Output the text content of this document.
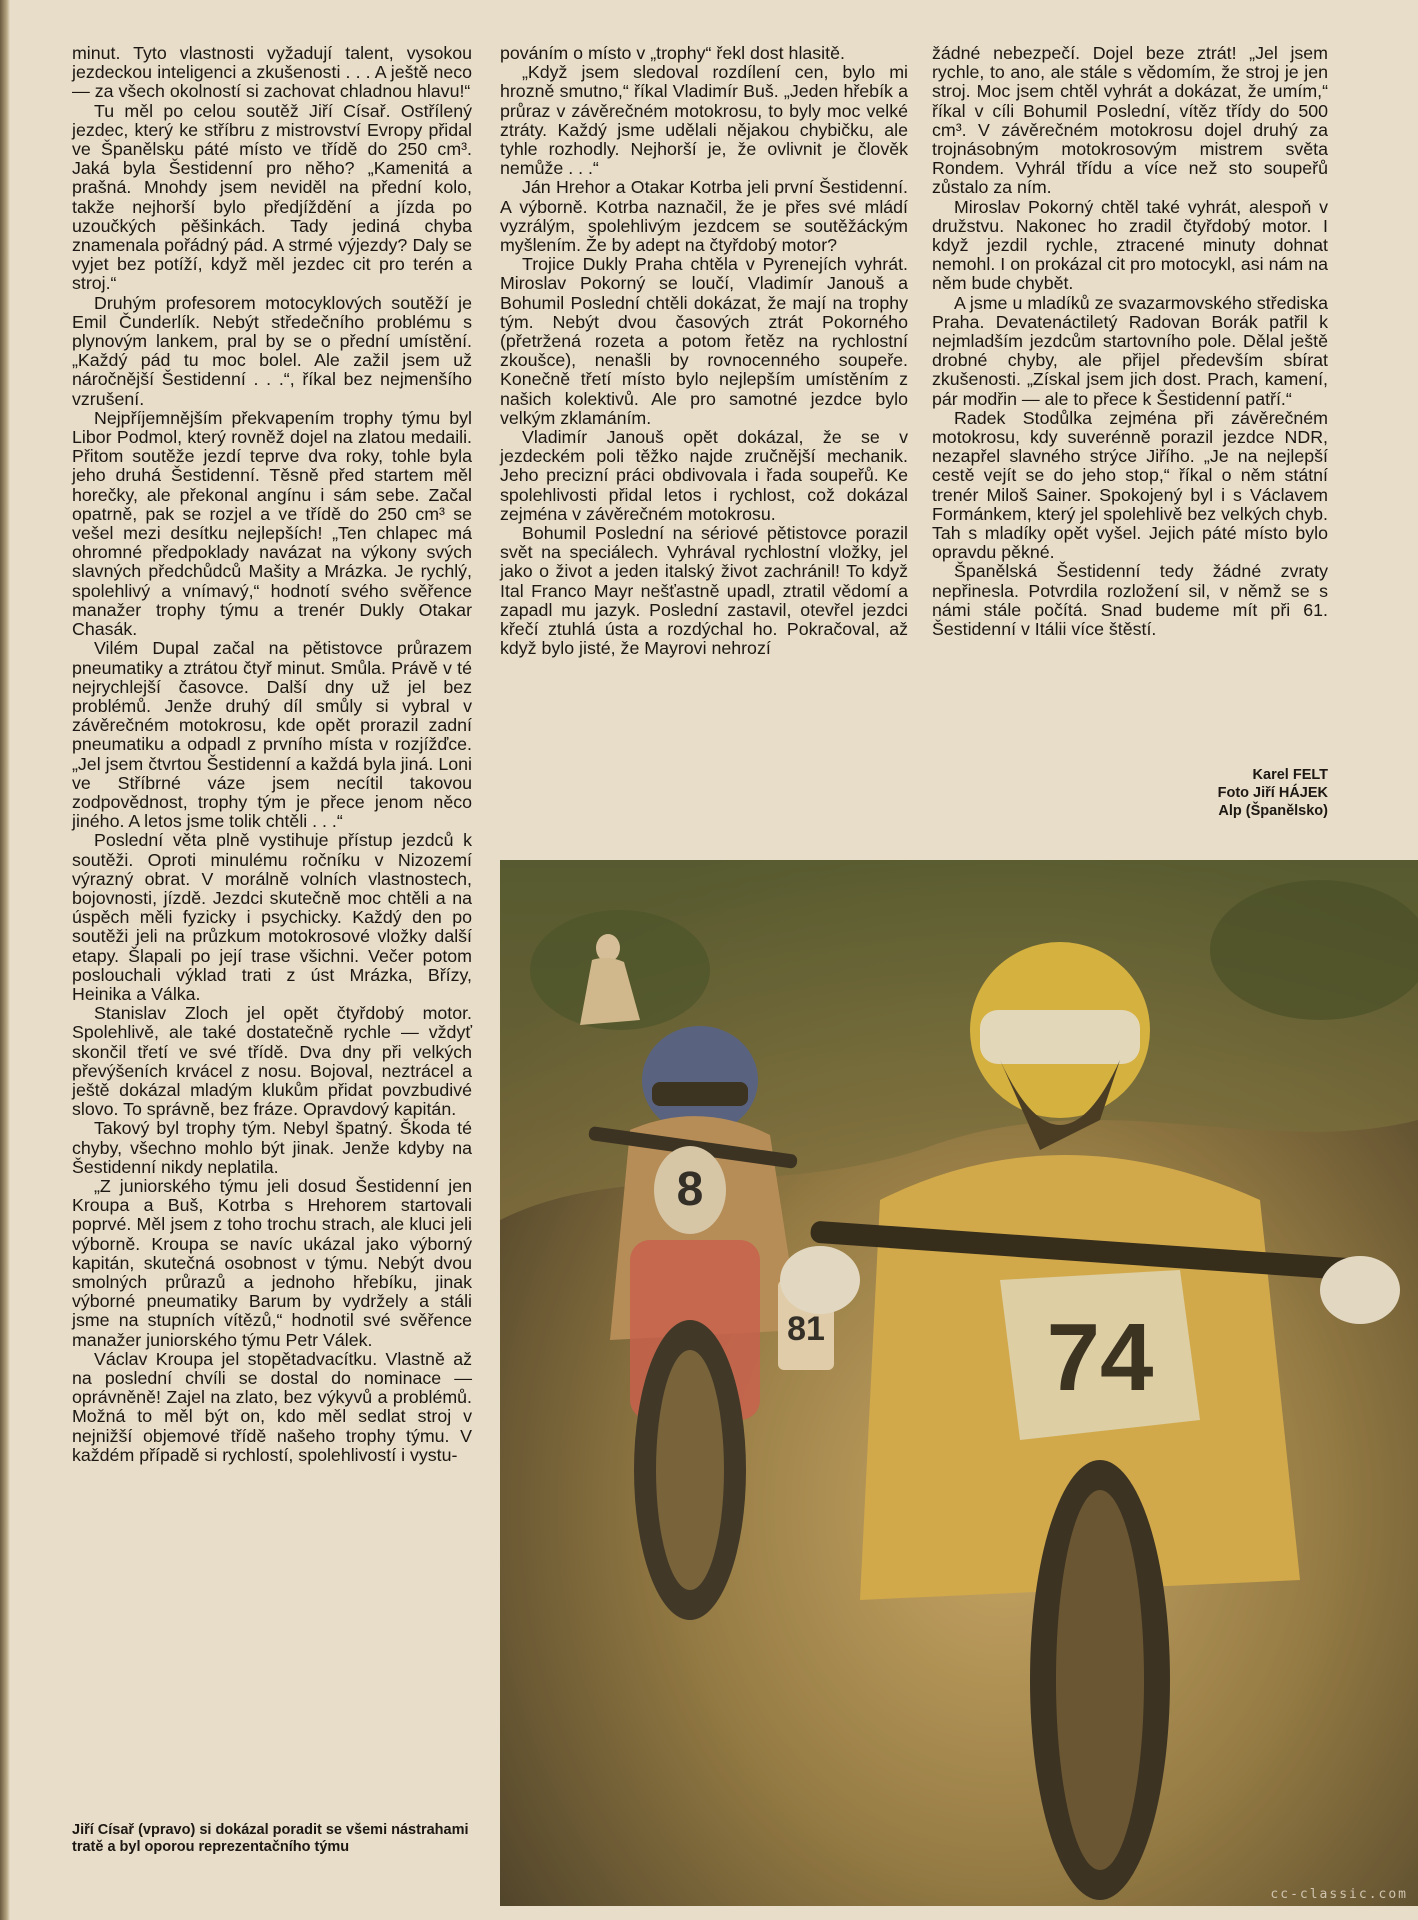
minut. Tyto vlastnosti vyžadují talent, vysokou jezdeckou inteligenci a zkušenosti . . . A ještě neco — za všech okolností si zachovat chladnou hlavu!“

Tu měl po celou soutěž Jiří Císař. Ostřílený jezdec, který ke stříbru z mistrovství Evropy přidal ve Španělsku páté místo ve třídě do 250 cm³. Jaká byla Šestidenní pro něho? „Kamenitá a prašná. Mnohdy jsem neviděl na přední kolo, takže nejhorší bylo předjíždění a jízda po uzoučkých pěšinkách. Tady jediná chyba znamenala pořádný pád. A strmé výjezdy? Daly se vyjet bez potíží, když měl jezdec cit pro terén a stroj.“

Druhým profesorem motocyklových soutěží je Emil Čunderlík. Nebýt středečního problému s plynovým lankem, pral by se o přední umístění. „Každý pád tu moc bolel. Ale zažil jsem už náročnější Šestidenní . . .“, říkal bez nejmenšího vzrušení.

Nejpříjemnějším překvapením trophy týmu byl Libor Podmol, který rovněž dojel na zlatou medaili. Přitom soutěže jezdí teprve dva roky, tohle byla jeho druhá Šestidenní. Těsně před startem měl horečky, ale překonal angínu i sám sebe. Začal opatrně, pak se rozjel a ve třídě do 250 cm³ se vešel mezi desítku nejlepších! „Ten chlapec má ohromné předpoklady navázat na výkony svých slavných předchůdců Mašity a Mrázka. Je rychlý, spolehlivý a vnímavý,“ hodnotí svého svěřence manažer trophy týmu a trenér Dukly Otakar Chasák.

Vilém Dupal začal na pětistovce průrazem pneumatiky a ztrátou čtyř minut. Smůla. Právě v té nejrychlejší časovce. Další dny už jel bez problémů. Jenže druhý díl smůly si vybral v závěrečném motokrosu, kde opět prorazil zadní pneumatiku a odpadl z prvního místa v rozjížďce. „Jel jsem čtvrtou Šestidenní a každá byla jiná. Loni ve Stříbrné váze jsem necítil takovou zodpovědnost, trophy tým je přece jenom něco jiného. A letos jsme tolik chtěli . . .“

Poslední věta plně vystihuje přístup jezdců k soutěži. Oproti minulému ročníku v Nizozemí výrazný obrat. V morálně volních vlastnostech, bojovnosti, jízdě. Jezdci skutečně moc chtěli a na úspěch měli fyzicky i psychicky. Každý den po soutěži jeli na průzkum motokrosové vložky další etapy. Šlapali po její trase všichni. Večer potom poslouchali výklad trati z úst Mrázka, Břízy, Heinika a Válka.

Stanislav Zloch jel opět čtyřdobý motor. Spolehlivě, ale také dostatečně rychle — vždyť skončil třetí ve své třídě. Dva dny při velkých převýšeních krvácel z nosu. Bojoval, neztrácel a ještě dokázal mladým klukům přidat povzbudivé slovo. To správně, bez fráze. Opravdový kapitán.

Takový byl trophy tým. Nebyl špatný. Škoda té chyby, všechno mohlo být jinak. Jenže kdyby na Šestidenní nikdy neplatila.

„Z juniorského týmu jeli dosud Šestidenní jen Kroupa a Buš, Kotrba s Hrehorem startovali poprvé. Měl jsem z toho trochu strach, ale kluci jeli výborně. Kroupa se navíc ukázal jako výborný kapitán, skutečná osobnost v týmu. Nebýt dvou smolných průrazů a jednoho hřebíku, jinak výborné pneumatiky Barum by vydržely a stáli jsme na stupních vítězů,“ hodnotil své svěřence manažer juniorského týmu Petr Válek.

Václav Kroupa jel stopětadvacítku. Vlastně až na poslední chvíli se dostal do nominace — oprávněně! Zajel na zlato, bez výkyvů a problémů. Možná to měl být on, kdo měl sedlat stroj v nejnižší objemové třídě našeho trophy týmu. V každém případě si rychlostí, spolehlivostí i vystu-

pováním o místo v „trophy“ řekl dost hlasitě.

„Když jsem sledoval rozdílení cen, bylo mi hrozně smutno,“ říkal Vladimír Buš. „Jeden hřebík a průraz v závěrečném motokrosu, to byly moc velké ztráty. Každý jsme udělali nějakou chybičku, ale tyhle rozhodly. Nejhorší je, že ovlivnit je člověk nemůže . . .“

Ján Hrehor a Otakar Kotrba jeli první Šestidenní. A výborně. Kotrba naznačil, že je přes své mládí vyzrálým, spolehlivým jezdcem se soutěžáckým myšlením. Že by adept na čtyřdobý motor?

Trojice Dukly Praha chtěla v Pyrenejích vyhrát. Miroslav Pokorný se loučí, Vladimír Janouš a Bohumil Poslední chtěli dokázat, že mají na trophy tým. Nebýt dvou časových ztrát Pokorného (přetržená rozeta a potom řetěz na rychlostní zkoušce), nenašli by rovnocenného soupeře. Konečně třetí místo bylo nejlepším umístěním z našich kolektivů. Ale pro samotné jezdce bylo velkým zklamáním.

Vladimír Janouš opět dokázal, že se v jezdeckém poli těžko najde zručnější mechanik. Jeho precizní práci obdivovala i řada soupeřů. Ke spolehlivosti přidal letos i rychlost, což dokázal zejména v závěrečném motokrosu.

Bohumil Poslední na sériové pětistovce porazil svět na speciálech. Vyhrával rychlostní vložky, jel jako o život a jeden italský život zachránil! To když Ital Franco Mayr nešťastně upadl, ztratil vědomí a zapadl mu jazyk. Poslední zastavil, otevřel jezdci křečí ztuhlá ústa a rozdýchal ho. Pokračoval, až když bylo jisté, že Mayrovi nehrozí

žádné nebezpečí. Dojel beze ztrát! „Jel jsem rychle, to ano, ale stále s vědomím, že stroj je jen stroj. Moc jsem chtěl vyhrát a dokázat, že umím,“ říkal v cíli Bohumil Poslední, vítěz třídy do 500 cm³. V závěrečném motokrosu dojel druhý za trojnásobným motokrosovým mistrem světa Rondem. Vyhrál třídu a více než sto soupeřů zůstalo za ním.

Miroslav Pokorný chtěl také vyhrát, alespoň v družstvu. Nakonec ho zradil čtyřdobý motor. I když jezdil rychle, ztracené minuty dohnat nemohl. I on prokázal cit pro motocykl, asi nám na něm bude chybět.

A jsme u mladíků ze svazarmovského střediska Praha. Devatenáctiletý Radovan Borák patřil k nejmladším jezdcům startovního pole. Dělal ještě drobné chyby, ale přijel především sbírat zkušenosti. „Získal jsem jich dost. Prach, kamení, pár modřin — ale to přece k Šestidenní patří.“

Radek Stodůlka zejména při závěrečném motokrosu, kdy suverénně porazil jezdce NDR, nezapřel slavného strýce Jiřího. „Je na nejlepší cestě vejít se do jeho stop,“ říkal o něm státní trenér Miloš Sainer. Spokojený byl i s Václavem Formánkem, který jel spolehlivě bez velkých chyb. Tah s mladíky opět vyšel. Jejich páté místo bylo opravdu pěkné.

Španělská Šestidenní tedy žádné zvraty nepřinesla. Potvrdila rozložení sil, v němž se s námi stále počítá. Snad budeme mít při 61. Šestidenní v Itálii více štěstí.

Karel FELT
Foto Jiří HÁJEK
Alp (Španělsko)
Jiří Císař (vpravo) si dokázal poradit se všemi nástrahami tratě a byl oporou reprezentačního týmu
8
81 74
cc-classic.com
